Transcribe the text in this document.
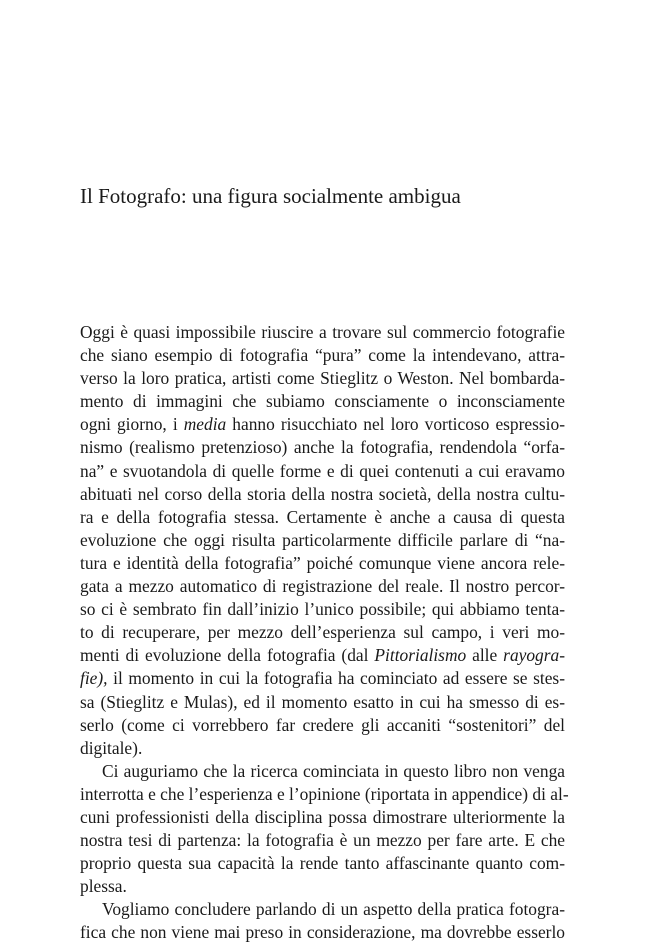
Il Fotografo: una figura socialmente ambigua
Oggi è quasi impossibile riuscire a trovare sul commercio fotografie
che siano esempio di fotografia “pura” come la intendevano, attra-
verso la loro pratica, artisti come Stieglitz o Weston. Nel bombarda-
mento di immagini che subiamo consciamente o inconsciamente
ogni giorno, i media hanno risucchiato nel loro vorticoso espressio-
nismo (realismo pretenzioso) anche la fotografia, rendendola “orfa-
na” e svuotandola di quelle forme e di quei contenuti a cui eravamo
abituati nel corso della storia della nostra società, della nostra cultu-
ra e della fotografia stessa. Certamente è anche a causa di questa
evoluzione che oggi risulta particolarmente difficile parlare di “na-
tura e identità della fotografia” poiché comunque viene ancora rele-
gata a mezzo automatico di registrazione del reale. Il nostro percor-
so ci è sembrato fin dall’inizio l’unico possibile; qui abbiamo tenta-
to di recuperare, per mezzo dell’esperienza sul campo, i veri mo-
menti di evoluzione della fotografia (dal Pittorialismo alle rayogra-
fie), il momento in cui la fotografia ha cominciato ad essere se stes-
sa (Stieglitz e Mulas), ed il momento esatto in cui ha smesso di es-
serlo (come ci vorrebbero far credere gli accaniti “sostenitori” del
digitale).
Ci auguriamo che la ricerca cominciata in questo libro non venga
interrotta e che l’esperienza e l’opinione (riportata in appendice) di al-
cuni professionisti della disciplina possa dimostrare ulteriormente la
nostra tesi di partenza: la fotografia è un mezzo per fare arte. E che
proprio questa sua capacità la rende tanto affascinante quanto com-
plessa.
Vogliamo concludere parlando di un aspetto della pratica fotogra-
fica che non viene mai preso in considerazione, ma dovrebbe esserlo
